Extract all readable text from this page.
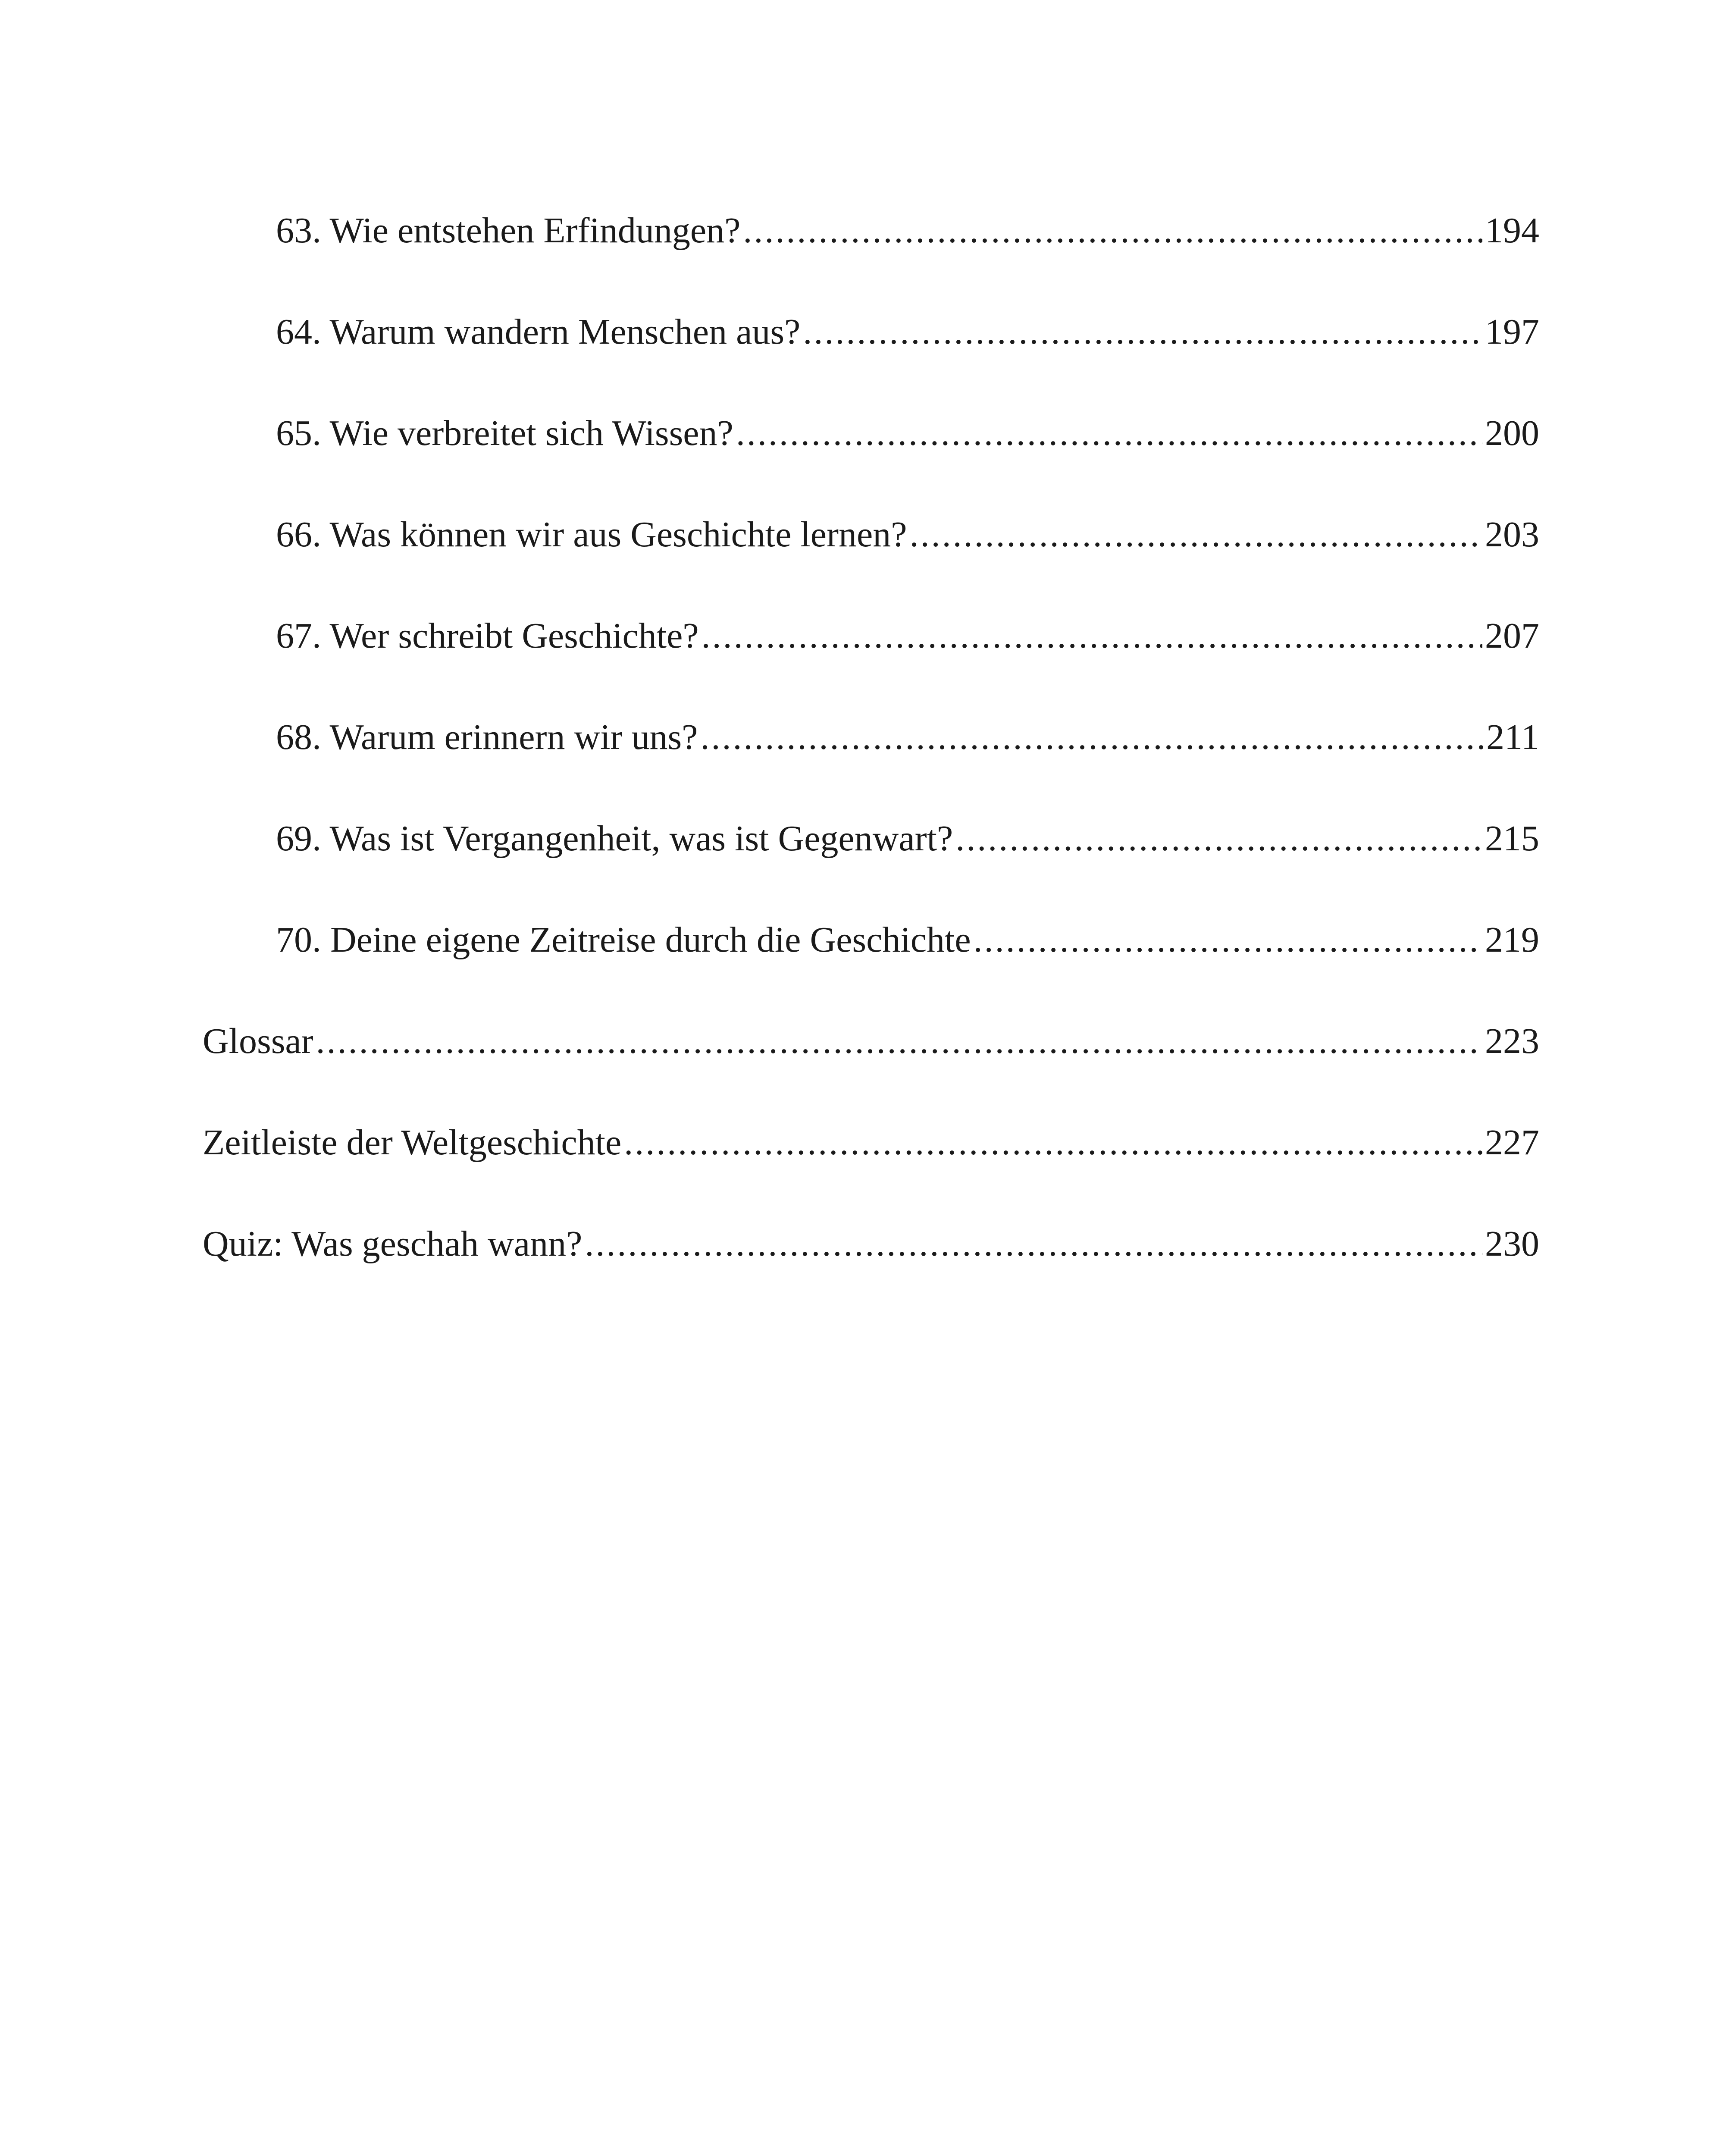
63. Wie entstehen Erfindungen? .....	194
64. Warum wandern Menschen aus? .....	197
65. Wie verbreitet sich Wissen? .....	200
66. Was können wir aus Geschichte lernen? .....	203
67. Wer schreibt Geschichte? .....	207
68. Warum erinnern wir uns? .....	211
69. Was ist Vergangenheit, was ist Gegenwart? .....	215
70. Deine eigene Zeitreise durch die Geschichte .....	219
Glossar .....	223
Zeitleiste der Weltgeschichte .....	227
Quiz: Was geschah wann? .....	230
